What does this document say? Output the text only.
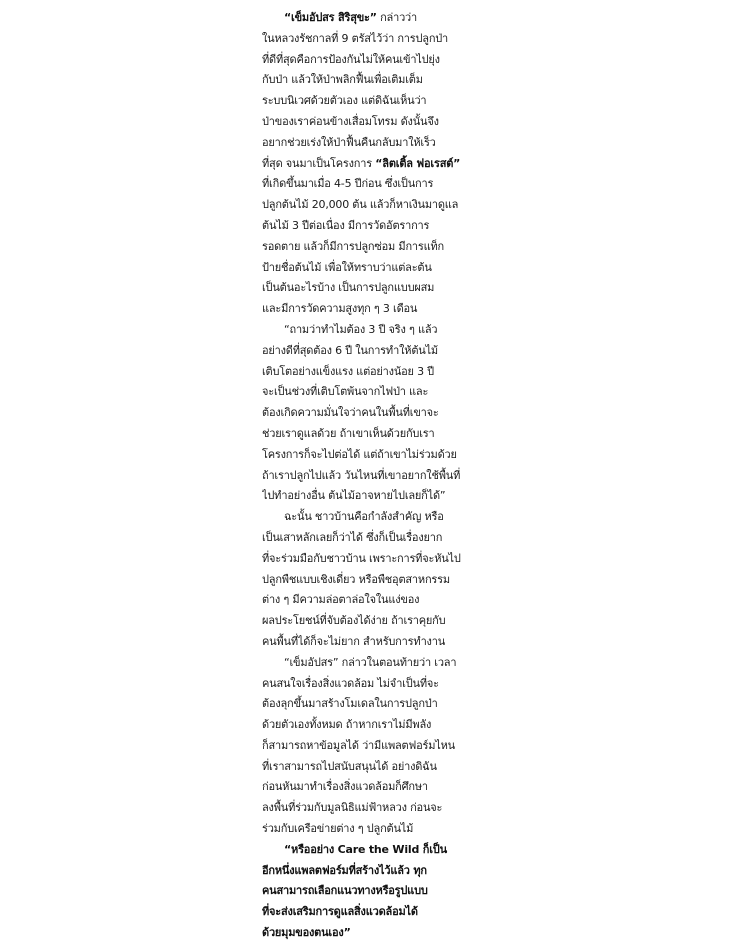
“เข็มอัปสร สิริสุขะ” กล่าวว่า
ในหลวงรัชกาลที่ 9 ตรัสไว้ว่า การปลูกป่า
ที่ดีที่สุดคือการป้องกันไม่ให้คนเข้าไปยุ่ง
กับป่า แล้วให้ป่าพลิกฟื้นเพื่อเติมเต็ม
ระบบนิเวศด้วยตัวเอง แต่ดิฉันเห็นว่า
ป่าของเราค่อนข้างเสื่อมโทรม ดังนั้นจึง
อยากช่วยเร่งให้ป่าฟื้นคืนกลับมาให้เร็ว
ที่สุด จนมาเป็นโครงการ “ลิตเติ้ล ฟอเรสต์”
ที่เกิดขึ้นมาเมื่อ 4-5 ปีก่อน ซึ่งเป็นการ
ปลูกต้นไม้ 20,000 ต้น แล้วก็หาเงินมาดูแล
ต้นไม้ 3 ปีต่อเนื่อง มีการวัดอัตราการ
รอดตาย แล้วก็มีการปลูกซ่อม มีการแท็ก
ป้ายชื่อต้นไม้ เพื่อให้ทราบว่าแต่ละต้น
เป็นต้นอะไรบ้าง เป็นการปลูกแบบผสม
และมีการวัดความสูงทุก ๆ 3 เดือน
“ถามว่าทำไมต้อง 3 ปี จริง ๆ แล้ว
อย่างดีที่สุดต้อง 6 ปี ในการทำให้ต้นไม้
เติบโตอย่างแข็งแรง แต่อย่างน้อย 3 ปี
จะเป็นช่วงที่เติบโตพ้นจากไฟป่า และ
ต้องเกิดความมั่นใจว่าคนในพื้นที่เขาจะ
ช่วยเราดูแลด้วย ถ้าเขาเห็นด้วยกับเรา
โครงการก็จะไปต่อได้ แต่ถ้าเขาไม่ร่วมด้วย
ถ้าเราปลูกไปแล้ว วันไหนที่เขาอยากใช้พื้นที่
ไปทำอย่างอื่น ต้นไม้อาจหายไปเลยก็ได้”
ฉะนั้น ชาวบ้านคือกำลังสำคัญ หรือ
เป็นเสาหลักเลยก็ว่าได้ ซึ่งก็เป็นเรื่องยาก
ที่จะร่วมมือกับชาวบ้าน เพราะการที่จะหันไป
ปลูกพืชแบบเชิงเดี่ยว หรือพืชอุตสาหกรรม
ต่าง ๆ มีความล่อตาล่อใจในแง่ของ
ผลประโยชน์ที่จับต้องได้ง่าย ถ้าเราคุยกับ
คนพื้นที่ได้ก็จะไม่ยาก สำหรับการทำงาน
“เข็มอัปสร” กล่าวในตอนท้ายว่า เวลา
คนสนใจเรื่องสิ่งแวดล้อม ไม่จำเป็นที่จะ
ต้องลุกขึ้นมาสร้างโมเดลในการปลูกป่า
ด้วยตัวเองทั้งหมด ถ้าหากเราไม่มีพลัง
ก็สามารถหาข้อมูลได้ ว่ามีแพลตฟอร์มไหน
ที่เราสามารถไปสนับสนุนได้ อย่างดิฉัน
ก่อนหันมาทำเรื่องสิ่งแวดล้อมก็ศึกษา
ลงพื้นที่ร่วมกับมูลนิธิแม่ฟ้าหลวง ก่อนจะ
ร่วมกับเครือข่ายต่าง ๆ ปลูกต้นไม้
“หรืออย่าง Care the Wild ก็เป็น
อีกหนึ่งแพลตฟอร์มที่สร้างไว้แล้ว ทุก
คนสามารถเลือกแนวทางหรือรูปแบบ
ที่จะส่งเสริมการดูแลสิ่งแวดล้อมได้
ด้วยมุมของตนเอง”
